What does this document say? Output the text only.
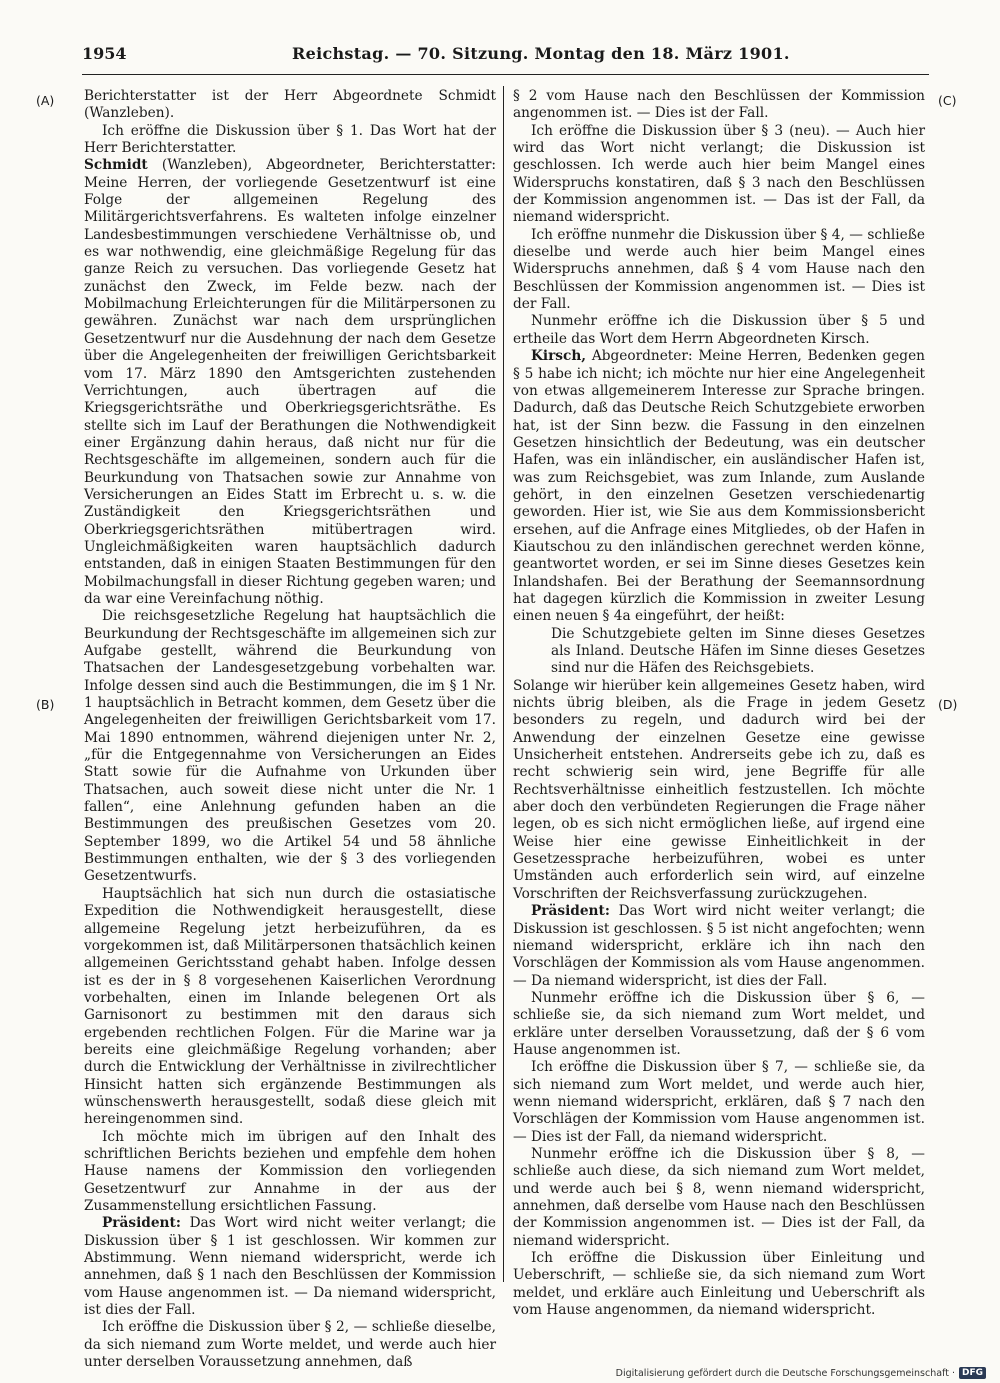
1954	Reichstag. — 70. Sitzung. Montag den 18. März 1901.
(A)
(B)
(C)
(D)

Berichterstatter ist der Herr Abgeordnete Schmidt (Wanzleben).

Ich eröffne die Diskussion über § 1. Das Wort hat der Herr Berichterstatter.

Schmidt (Wanzleben), Abgeordneter, Berichterstatter: Meine Herren, der vorliegende Gesetzentwurf ist eine Folge der allgemeinen Regelung des Militärgerichtsverfahrens. Es walteten infolge einzelner Landesbestimmungen verschiedene Verhältnisse ob, und es war nothwendig, eine gleichmäßige Regelung für das ganze Reich zu versuchen. Das vorliegende Gesetz hat zunächst den Zweck, im Felde bezw. nach der Mobilmachung Erleichterungen für die Militärpersonen zu gewähren. Zunächst war nach dem ursprünglichen Gesetzentwurf nur die Ausdehnung der nach dem Gesetze über die Angelegenheiten der freiwilligen Gerichtsbarkeit vom 17. März 1890 den Amtsgerichten zustehenden Verrichtungen, auch übertragen auf die Kriegsgerichtsräthe und Oberkriegsgerichtsräthe. Es stellte sich im Lauf der Berathungen die Nothwendigkeit einer Ergänzung dahin heraus, daß nicht nur für die Rechtsgeschäfte im allgemeinen, sondern auch für die Beurkundung von Thatsachen sowie zur Annahme von Versicherungen an Eides Statt im Erbrecht u. s. w. die Zuständigkeit den Kriegsgerichtsräthen und Oberkriegsgerichtsräthen mitübertragen wird. Ungleichmäßigkeiten waren hauptsächlich dadurch entstanden, daß in einigen Staaten Bestimmungen für den Mobilmachungsfall in dieser Richtung gegeben waren; und da war eine Vereinfachung nöthig.

Die reichsgesetzliche Regelung hat hauptsächlich die Beurkundung der Rechtsgeschäfte im allgemeinen sich zur Aufgabe gestellt, während die Beurkundung von Thatsachen der Landesgesetzgebung vorbehalten war. Infolge dessen sind auch die Bestimmungen, die im § 1 Nr. 1 hauptsächlich in Betracht kommen, dem Gesetz über die Angelegenheiten der freiwilligen Gerichtsbarkeit vom 17. Mai 1890 entnommen, während diejenigen unter Nr. 2, „für die Entgegennahme von Versicherungen an Eides Statt sowie für die Aufnahme von Urkunden über Thatsachen, auch soweit diese nicht unter die Nr. 1 fallen“, eine Anlehnung gefunden haben an die Bestimmungen des preußischen Gesetzes vom 20. September 1899, wo die Artikel 54 und 58 ähnliche Bestimmungen enthalten, wie der § 3 des vorliegenden Gesetzentwurfs.

Hauptsächlich hat sich nun durch die ostasiatische Expedition die Nothwendigkeit herausgestellt, diese allgemeine Regelung jetzt herbeizuführen, da es vorgekommen ist, daß Militärpersonen thatsächlich keinen allgemeinen Gerichtsstand gehabt haben. Infolge dessen ist es der in § 8 vorgesehenen Kaiserlichen Verordnung vorbehalten, einen im Inlande belegenen Ort als Garnisonort zu bestimmen mit den daraus sich ergebenden rechtlichen Folgen. Für die Marine war ja bereits eine gleichmäßige Regelung vorhanden; aber durch die Entwicklung der Verhältnisse in zivilrechtlicher Hinsicht hatten sich ergänzende Bestimmungen als wünschenswerth herausgestellt, sodaß diese gleich mit hereingenommen sind.

Ich möchte mich im übrigen auf den Inhalt des schriftlichen Berichts beziehen und empfehle dem hohen Hause namens der Kommission den vorliegenden Gesetzentwurf zur Annahme in der aus der Zusammenstellung ersichtlichen Fassung.

Präsident: Das Wort wird nicht weiter verlangt; die Diskussion über § 1 ist geschlossen. Wir kommen zur Abstimmung. Wenn niemand widerspricht, werde ich annehmen, daß § 1 nach den Beschlüssen der Kommission vom Hause angenommen ist. — Da niemand widerspricht, ist dies der Fall.

Ich eröffne die Diskussion über § 2, — schließe dieselbe, da sich niemand zum Worte meldet, und werde auch hier unter derselben Voraussetzung annehmen, daß

§ 2 vom Hause nach den Beschlüssen der Kommission angenommen ist. — Dies ist der Fall.

Ich eröffne die Diskussion über § 3 (neu). — Auch hier wird das Wort nicht verlangt; die Diskussion ist geschlossen. Ich werde auch hier beim Mangel eines Widerspruchs konstatiren, daß § 3 nach den Beschlüssen der Kommission angenommen ist. — Das ist der Fall, da niemand widerspricht.

Ich eröffne nunmehr die Diskussion über § 4, — schließe dieselbe und werde auch hier beim Mangel eines Widerspruchs annehmen, daß § 4 vom Hause nach den Beschlüssen der Kommission angenommen ist. — Dies ist der Fall.

Nunmehr eröffne ich die Diskussion über § 5 und ertheile das Wort dem Herrn Abgeordneten Kirsch.

Kirsch, Abgeordneter: Meine Herren, Bedenken gegen § 5 habe ich nicht; ich möchte nur hier eine Angelegenheit von etwas allgemeinerem Interesse zur Sprache bringen. Dadurch, daß das Deutsche Reich Schutzgebiete erworben hat, ist der Sinn bezw. die Fassung in den einzelnen Gesetzen hinsichtlich der Bedeutung, was ein deutscher Hafen, was ein inländischer, ein ausländischer Hafen ist, was zum Reichsgebiet, was zum Inlande, zum Auslande gehört, in den einzelnen Gesetzen verschiedenartig geworden. Hier ist, wie Sie aus dem Kommissionsbericht ersehen, auf die Anfrage eines Mitgliedes, ob der Hafen in Kiautschou zu den inländischen gerechnet werden könne, geantwortet worden, er sei im Sinne dieses Gesetzes kein Inlandshafen. Bei der Berathung der Seemannsordnung hat dagegen kürzlich die Kommission in zweiter Lesung einen neuen § 4a eingeführt, der heißt:

Die Schutzgebiete gelten im Sinne dieses Gesetzes als Inland. Deutsche Häfen im Sinne dieses Gesetzes sind nur die Häfen des Reichsgebiets.

Solange wir hierüber kein allgemeines Gesetz haben, wird nichts übrig bleiben, als die Frage in jedem Gesetz besonders zu regeln, und dadurch wird bei der Anwendung der einzelnen Gesetze eine gewisse Unsicherheit entstehen. Andrerseits gebe ich zu, daß es recht schwierig sein wird, jene Begriffe für alle Rechtsverhältnisse einheitlich festzustellen. Ich möchte aber doch den verbündeten Regierungen die Frage näher legen, ob es sich nicht ermöglichen ließe, auf irgend eine Weise hier eine gewisse Einheitlichkeit in der Gesetzessprache herbeizuführen, wobei es unter Umständen auch erforderlich sein wird, auf einzelne Vorschriften der Reichsverfassung zurückzugehen.

Präsident: Das Wort wird nicht weiter verlangt; die Diskussion ist geschlossen. § 5 ist nicht angefochten; wenn niemand widerspricht, erkläre ich ihn nach den Vorschlägen der Kommission als vom Hause angenommen. — Da niemand widerspricht, ist dies der Fall.

Nunmehr eröffne ich die Diskussion über § 6, — schließe sie, da sich niemand zum Wort meldet, und erkläre unter derselben Voraussetzung, daß der § 6 vom Hause angenommen ist.

Ich eröffne die Diskussion über § 7, — schließe sie, da sich niemand zum Wort meldet, und werde auch hier, wenn niemand widerspricht, erklären, daß § 7 nach den Vorschlägen der Kommission vom Hause angenommen ist. — Dies ist der Fall, da niemand widerspricht.

Nunmehr eröffne ich die Diskussion über § 8, — schließe auch diese, da sich niemand zum Wort meldet, und werde auch bei § 8, wenn niemand widerspricht, annehmen, daß derselbe vom Hause nach den Beschlüssen der Kommission angenommen ist. — Dies ist der Fall, da niemand widerspricht.

Ich eröffne die Diskussion über Einleitung und Ueberschrift, — schließe sie, da sich niemand zum Wort meldet, und erkläre auch Einleitung und Ueberschrift als vom Hause angenommen, da niemand widerspricht.

Digitalisierung gefördert durch die Deutsche Forschungsgemeinschaft · DFG
